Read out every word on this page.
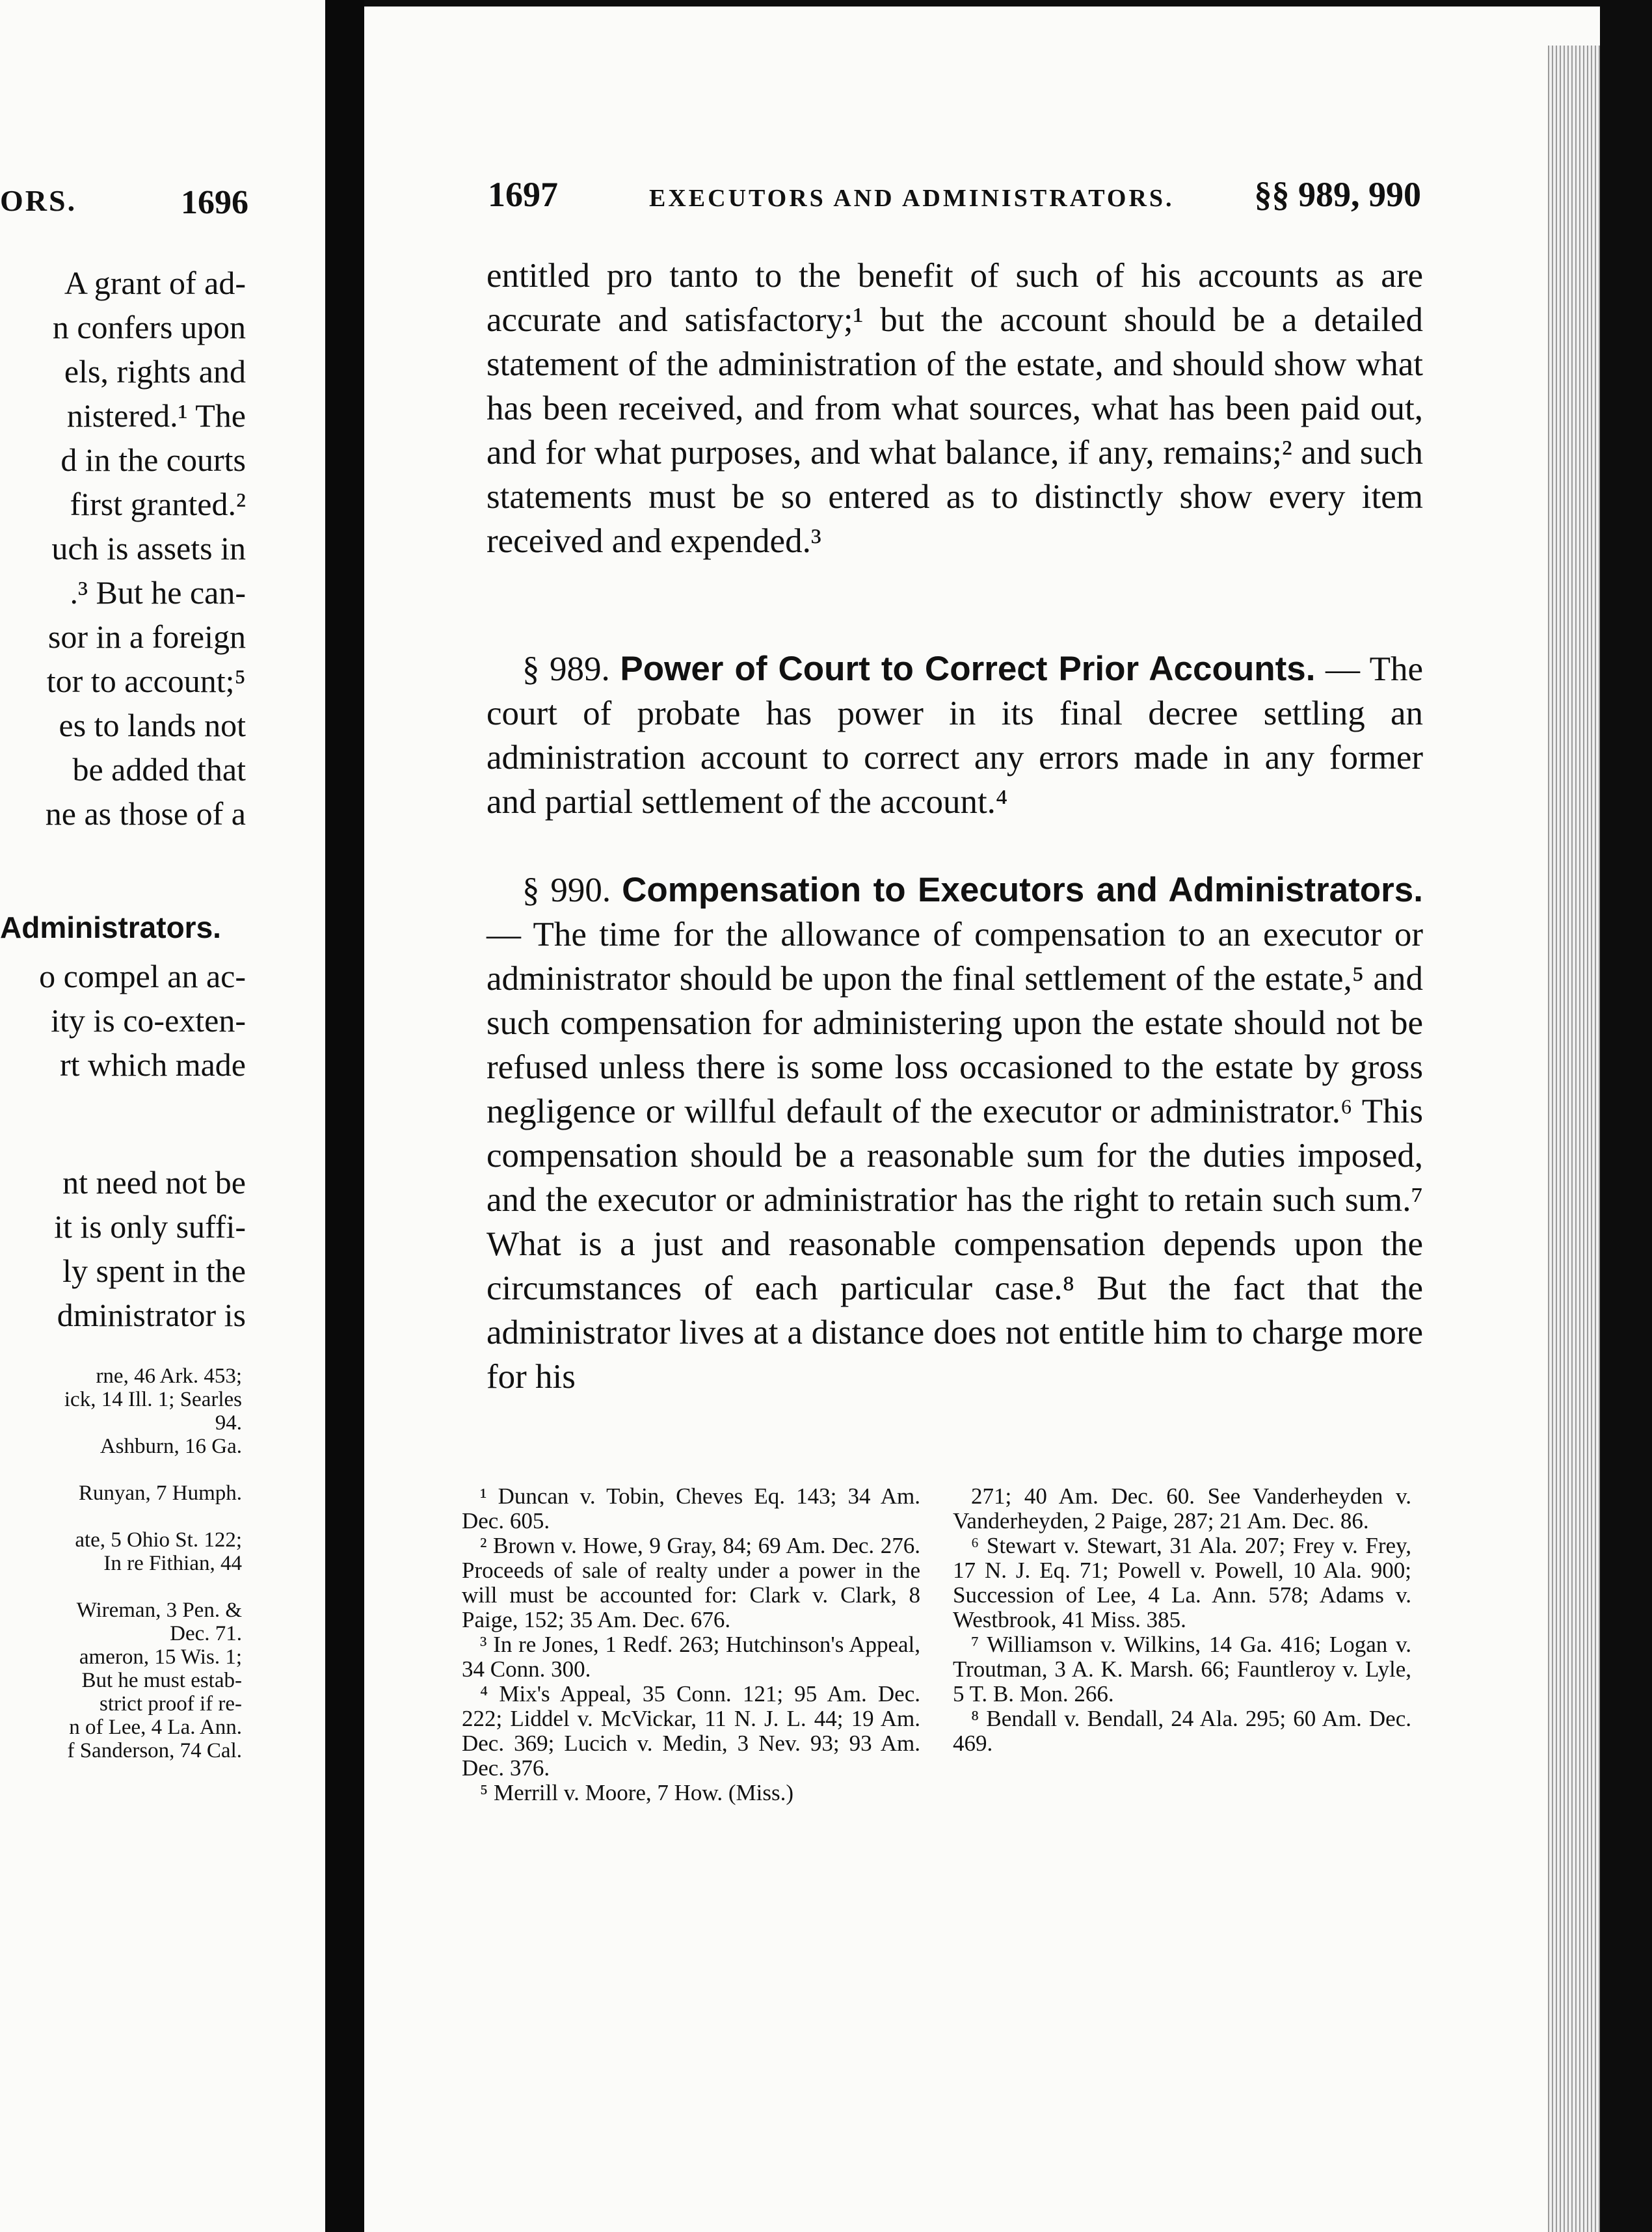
ORS.	1696
A grant of ad-
n confers upon
els, rights and
nistered.¹ The
d in the courts
first granted.²
uch is assets in
.³ But he can-
sor in a foreign
tor to account;⁵
es to lands not
be added that
ne as those of a
o compel an ac-
ity is co-exten-
rt which made
nt need not be
it is only suffi-
ly spent in the
dministrator is
Administrators.
rne, 46 Ark. 453;
ick, 14 Ill. 1; Searles
94.
Ashburn, 16 Ga.
Runyan, 7 Humph.
ate, 5 Ohio St. 122;
In re Fithian, 44
Wireman, 3 Pen. &
Dec. 71.
ameron, 15 Wis. 1;
But he must estab-
strict proof if re-
n of Lee, 4 La. Ann.
f Sanderson, 74 Cal.
1697	EXECUTORS AND ADMINISTRATORS. §§ 989, 990
entitled pro tanto to the benefit of such of his accounts as are accurate and satisfactory;¹ but the account should be a detailed statement of the administration of the estate, and should show what has been received, and from what sources, what has been paid out, and for what purposes, and what balance, if any, remains;² and such statements must be so entered as to distinctly show every item received and expended.³
§ 989. Power of Court to Correct Prior Accounts. — The court of probate has power in its final decree settling an administration account to correct any errors made in any former and partial settlement of the account.⁴
§ 990. Compensation to Executors and Administrators. — The time for the allowance of compensation to an executor or administrator should be upon the final settlement of the estate,⁵ and such compensation for administering upon the estate should not be refused unless there is some loss occasioned to the estate by gross negligence or willful default of the executor or administrator.⁶ This compensation should be a reasonable sum for the duties imposed, and the executor or administratior has the right to retain such sum.⁷ What is a just and reasonable compensation depends upon the circumstances of each particular case.⁸ But the fact that the administrator lives at a distance does not entitle him to charge more for his

¹ Duncan v. Tobin, Cheves Eq. 143; 34 Am. Dec. 605.

² Brown v. Howe, 9 Gray, 84; 69 Am. Dec. 276. Proceeds of sale of realty under a power in the will must be accounted for: Clark v. Clark, 8 Paige, 152; 35 Am. Dec. 676.

³ In re Jones, 1 Redf. 263; Hutchinson's Appeal, 34 Conn. 300.

⁴ Mix's Appeal, 35 Conn. 121; 95 Am. Dec. 222; Liddel v. McVickar, 11 N. J. L. 44; 19 Am. Dec. 369; Lucich v. Medin, 3 Nev. 93; 93 Am. Dec. 376.

⁵ Merrill v. Moore, 7 How. (Miss.)

271; 40 Am. Dec. 60. See Vanderheyden v. Vanderheyden, 2 Paige, 287; 21 Am. Dec. 86.

⁶ Stewart v. Stewart, 31 Ala. 207; Frey v. Frey, 17 N. J. Eq. 71; Powell v. Powell, 10 Ala. 900; Succession of Lee, 4 La. Ann. 578; Adams v. Westbrook, 41 Miss. 385.

⁷ Williamson v. Wilkins, 14 Ga. 416; Logan v. Troutman, 3 A. K. Marsh. 66; Fauntleroy v. Lyle, 5 T. B. Mon. 266.

⁸ Bendall v. Bendall, 24 Ala. 295; 60 Am. Dec. 469.
